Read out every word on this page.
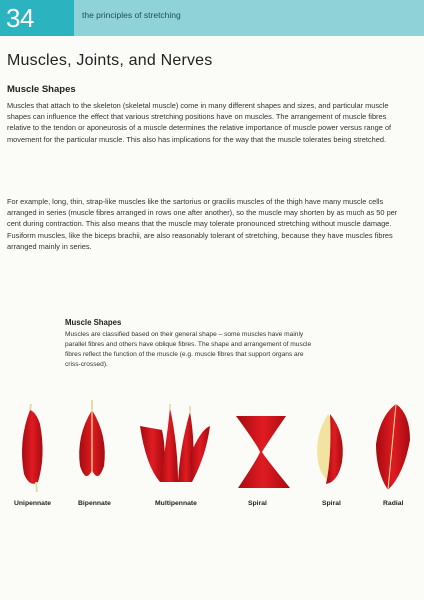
34	the principles of stretching
Muscles, Joints, and Nerves
Muscle Shapes

Muscles that attach to the skeleton (skeletal muscle) come in many different shapes and sizes, and particular muscle shapes can influence the effect that various stretching positions have on muscles. The arrangement of muscle fibres relative to the tendon or aponeurosis of a muscle determines the relative importance of muscle power versus range of movement for the particular muscle. This also has implications for the way that the muscle tolerates being stretched.

For example, long, thin, strap-like muscles like the sartorius or gracilis muscles of the thigh have many muscle cells arranged in series (muscle fibres arranged in rows one after another), so the muscle may shorten by as much as 50 per cent during contraction. This also means that the muscle may tolerate pronounced stretching without muscle damage. Fusiform muscles, like the biceps brachii, are also reasonably tolerant of stretching, because they have muscles fibres arranged mainly in series.

Muscle Shapes

Muscles are classified based on their general shape – some muscles have mainly parallel fibres and others have oblique fibres. The shape and arrangement of muscle fibres reflect the function of the muscle (e.g. muscle fibres that support organs are criss-crossed).

Unipennate	Bipennate	Multipennate	Spiral	Spiral	Radial
